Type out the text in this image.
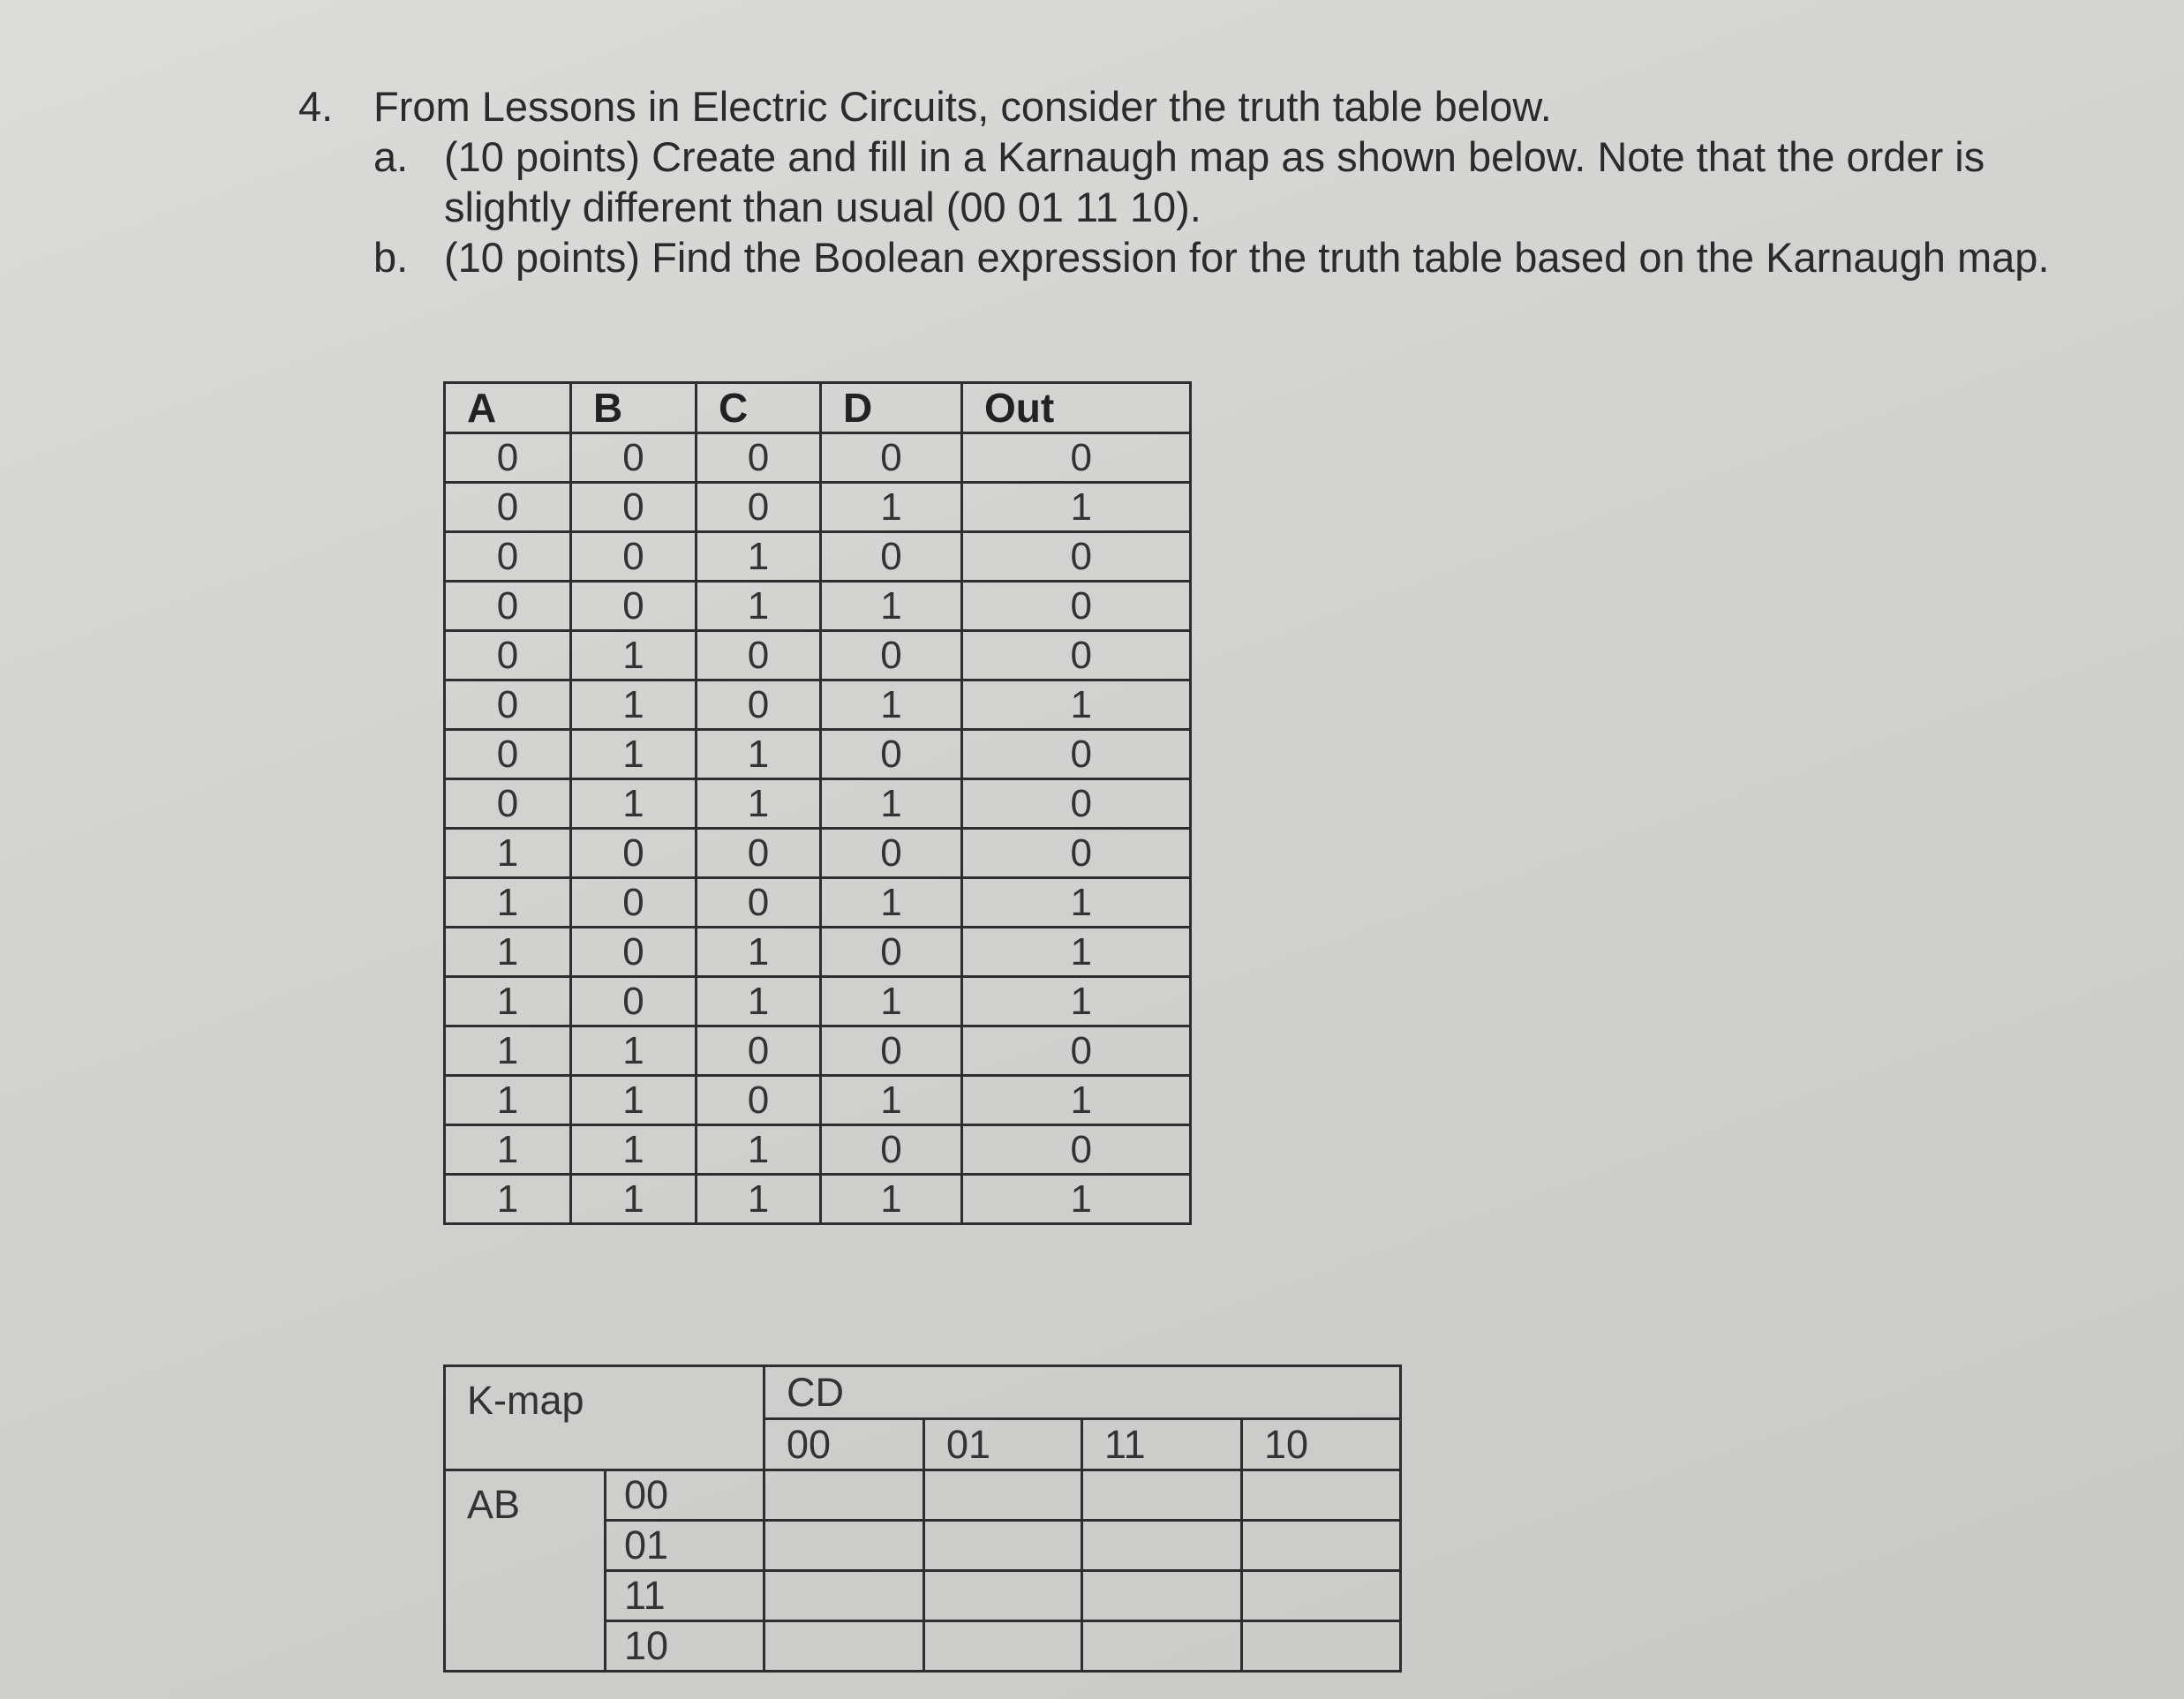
4. From Lessons in Electric Circuits, consider the truth table below.
a. (10 points) Create and fill in a Karnaugh map as shown below. Note that the order is slightly different than usual (00 01 11 10).
b. (10 points) Find the Boolean expression for the truth table based on the Karnaugh map.
A	B	C	D	Out
0	0	0	0	0
0	0	0	1	1
0	0	1	0	0
0	0	1	1	0
0	1	0	0	0
0	1	0	1	1
0	1	1	0	0
0	1	1	1	0
1	0	0	0	0
1	0	0	1	1
1	0	1	0	1
1	0	1	1	1
1	1	0	0	0
1	1	0	1	1
1	1	1	0	0
1	1	1	1	1
K-map		CD			
		00	01	11	10
AB	00				
	01				
	11				
	10				
